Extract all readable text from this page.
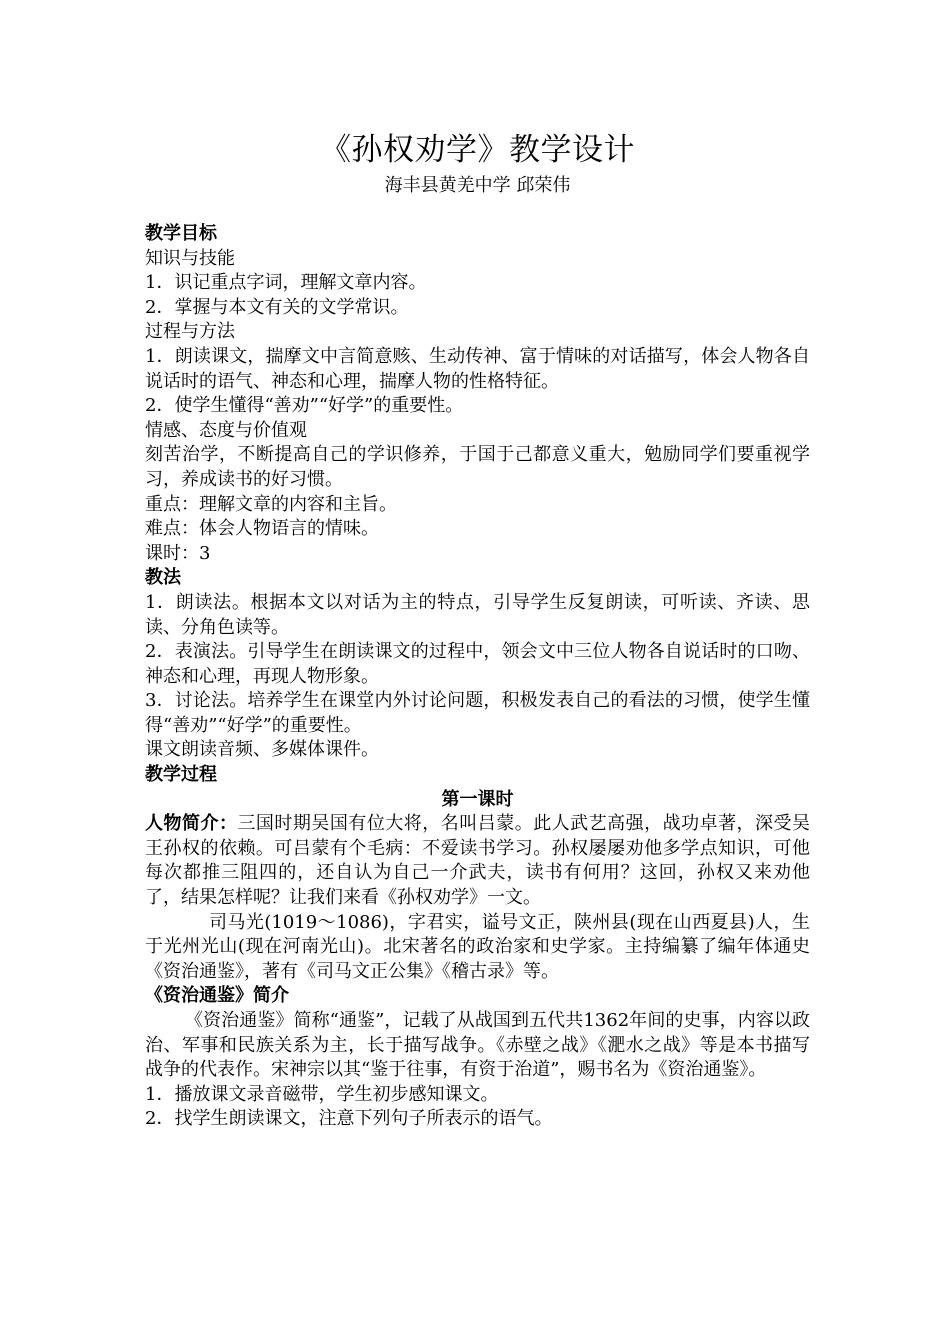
《孙权劝学》教学设计

海丰县黄羌中学 邱荣伟

教学目标

知识与技能

1．识记重点字词，理解文章内容。

2．掌握与本文有关的文学常识。

过程与方法

1．朗读课文，揣摩文中言简意赅、生动传神、富于情味的对话描写，体会人物各自说话时的语气、神态和心理，揣摩人物的性格特征。

2．使学生懂得“善劝”“好学”的重要性。

情感、态度与价值观

刻苦治学，不断提高自己的学识修养，于国于己都意义重大，勉励同学们要重视学习，养成读书的好习惯。

重点：理解文章的内容和主旨。

难点：体会人物语言的情味。

课时：3

教法

1．朗读法。根据本文以对话为主的特点，引导学生反复朗读，可听读、齐读、思读、分角色读等。

2．表演法。引导学生在朗读课文的过程中，领会文中三位人物各自说话时的口吻、神态和心理，再现人物形象。

3．讨论法。培养学生在课堂内外讨论问题，积极发表自己的看法的习惯，使学生懂得“善劝”“好学”的重要性。

课文朗读音频、多媒体课件。

教学过程

第一课时

人物简介：三国时期吴国有位大将，名叫吕蒙。此人武艺高强，战功卓著，深受吴王孙权的依赖。可吕蒙有个毛病：不爱读书学习。孙权屡屡劝他多学点知识，可他每次都推三阻四的，还自认为自己一介武夫，读书有何用？这回，孙权又来劝他了，结果怎样呢？让我们来看《孙权劝学》一文。

司马光(1019～1086)，字君实，谥号文正，陕州县(现在山西夏县)人，生于光州光山(现在河南光山)。北宋著名的政治家和史学家。主持编纂了编年体通史《资治通鉴》，著有《司马文正公集》《稽古录》等。

《资治通鉴》简介

《资治通鉴》简称“通鉴”，记载了从战国到五代共1362年间的史事，内容以政治、军事和民族关系为主，长于描写战争。《赤壁之战》《淝水之战》等是本书描写战争的代表作。宋神宗以其“鉴于往事，有资于治道”，赐书名为《资治通鉴》。

1．播放课文录音磁带，学生初步感知课文。

2．找学生朗读课文，注意下列句子所表示的语气。
